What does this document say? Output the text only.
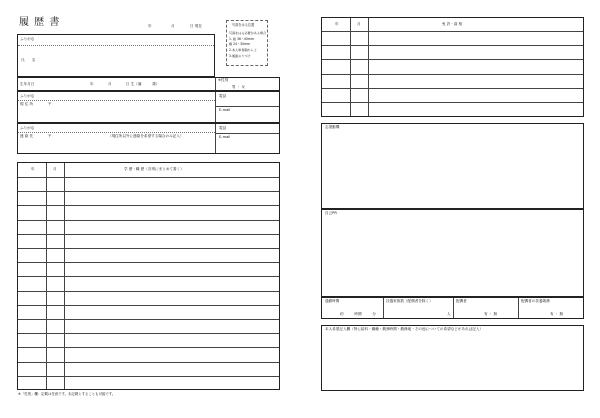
履 歴 書	年	月	日 現在	写真をはる位置
写真をはる必要がある場合
1. 縦 36～40mm
横 24～30mm
2.本人単身胸から上
3.裏面のりづけ
ふりがな
氏　　名
生年月日	年　　　　月　　　　日 生（満　　　歳）
※性別
男 ・ 女
ふりがな
現 住 所	〒
電話
E-mail
ふりがな
連 絡 先	〒	（現住所以外に連絡を希望する場合のみ記入）
電話
E-mail
年	月	学 歴・職 歴（各別にまとめて書く）
※「性別」欄：記載は任意です。未記載とすることも可能です。
年	月	免 許・資 格
志望動機
自己PR
通勤時間
約　　　時間　　　分
扶養家族数（配偶者を除く）
人
配偶者
有 ・ 無
配偶者の扶養義務
有 ・ 無
本人希望記入欄（特に給料・職種・勤務時間・勤務地・その他についての希望などがあれば記入）
